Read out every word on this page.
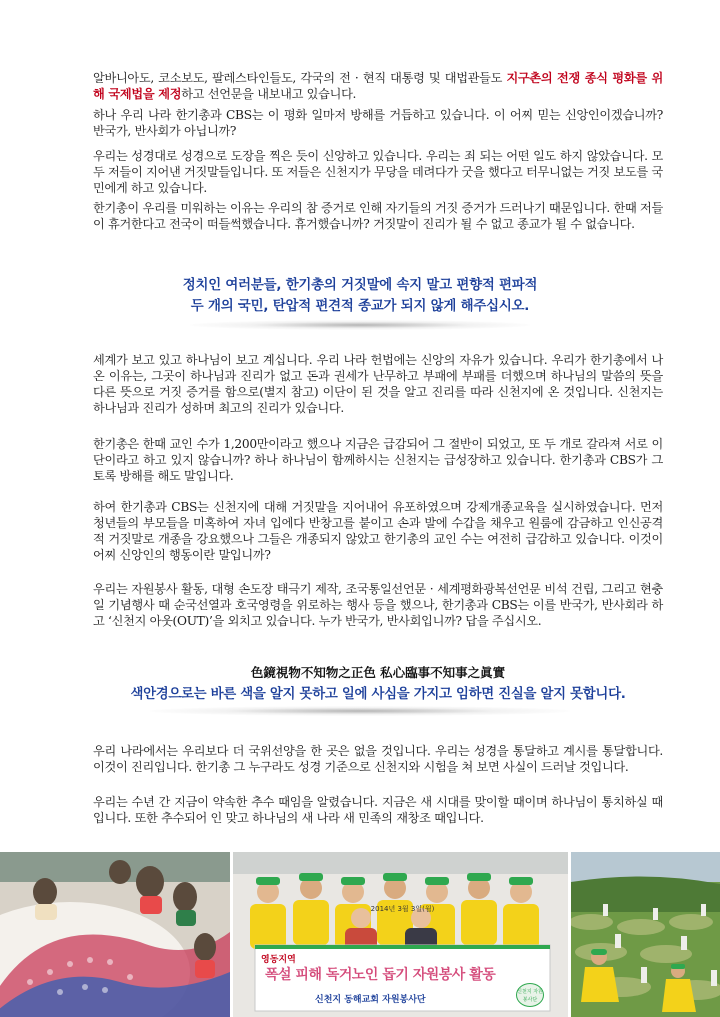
알바니아도, 코소보도, 팔레스타인들도, 각국의 전 · 현직 대통령 및 대법관들도 지구촌의 전쟁 종식 평화를 위해 국제법을 제정하고 선언문을 내보내고 있습니다.

하나 우리 나라 한기총과 CBS는 이 평화 일마저 방해를 거듭하고 있습니다. 이 어찌 믿는 신앙인이겠습니까? 반국가, 반사회가 아닙니까?

우리는 성경대로 성경으로 도장을 찍은 듯이 신앙하고 있습니다. 우리는 죄 되는 어떤 일도 하지 않았습니다. 모두 저들이 지어낸 거짓말들입니다. 또 저들은 신천지가 무당을 데려다가 굿을 했다고 터무니없는 거짓 보도를 국민에게 하고 있습니다.

한기총이 우리를 미워하는 이유는 우리의 참 증거로 인해 자기들의 거짓 증거가 드러나기 때문입니다. 한때 저들이 휴거한다고 전국이 떠들썩했습니다. 휴거했습니까? 거짓말이 진리가 될 수 없고 종교가 될 수 없습니다.

정치인 여러분들, 한기총의 거짓말에 속지 말고 편향적 편파적
두 개의 국민, 탄압적 편견적 종교가 되지 않게 해주십시오.

세계가 보고 있고 하나님이 보고 계십니다. 우리 나라 헌법에는 신앙의 자유가 있습니다. 우리가 한기총에서 나온 이유는, 그곳이 하나님과 진리가 없고 돈과 권세가 난무하고 부패에 부패를 더했으며 하나님의 말씀의 뜻을 다른 뜻으로 거짓 증거를 함으로(별지 참고) 이단이 된 것을 알고 진리를 따라 신천지에 온 것입니다. 신천지는 하나님과 진리가 성하며 최고의 진리가 있습니다.

한기총은 한때 교인 수가 1,200만이라고 했으나 지금은 급감되어 그 절반이 되었고, 또 두 개로 갈라져 서로 이단이라고 하고 있지 않습니까? 하나 하나님이 함께하시는 신천지는 급성장하고 있습니다. 한기총과 CBS가 그토록 방해를 해도 말입니다.

하여 한기총과 CBS는 신천지에 대해 거짓말을 지어내어 유포하였으며 강제개종교육을 실시하였습니다. 먼저 청년들의 부모들을 미혹하여 자녀 입에다 반창고를 붙이고 손과 발에 수갑을 채우고 원룸에 감금하고 인신공격적 거짓말로 개종을 강요했으나 그들은 개종되지 않았고 한기총의 교인 수는 여전히 급감하고 있습니다. 이것이 어찌 신앙인의 행동이란 말입니까?

우리는 자원봉사 활동, 대형 손도장 태극기 제작, 조국통일선언문 · 세계평화광복선언문 비석 건립, 그리고 현충일 기념행사 때 순국선열과 호국영령을 위로하는 행사 등을 했으나, 한기총과 CBS는 이를 반국가, 반사회라 하고 ‘신천지 아웃(OUT)’을 외치고 있습니다. 누가 반국가, 반사회입니까? 답을 주십시오.

色鏡視物不知物之正色 私心臨事不知事之眞實
색안경으로는 바른 색을 알지 못하고 일에 사심을 가지고 임하면 진실을 알지 못합니다.

우리 나라에서는 우리보다 더 국위선양을 한 곳은 없을 것입니다. 우리는 성경을 통달하고 계시를 통달합니다. 이것이 진리입니다. 한기총 그 누구라도 성경 기준으로 신천지와 시험을 쳐 보면 사실이 드러날 것입니다.

우리는 수년 간 지금이 약속한 추수 때임을 알렸습니다. 지금은 새 시대를 맞이할 때이며 하나님이 통치하실 때입니다. 또한 추수되어 인 맞고 하나님의 새 나라 새 민족의 재창조 때입니다.

2014년 3월 3일(월)
영동지역
폭설 피해 독거노인 돕기 자원봉사 활동
신천지 동해교회 자원봉사단
신천지 자원봉사단
